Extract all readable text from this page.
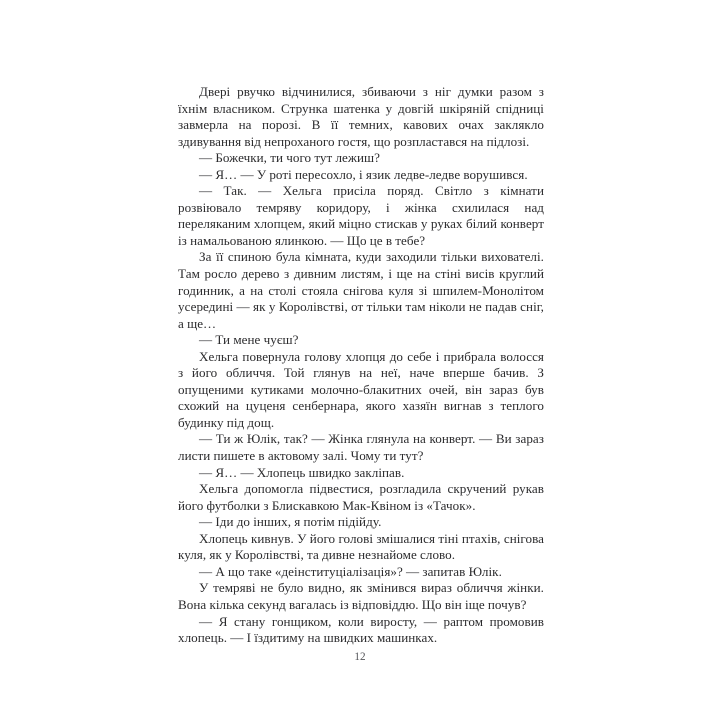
Двері рвучко відчинилися, збиваючи з ніг думки разом з їхнім власником. Струнка шатенка у довгій шкіряній спідниці завмерла на порозі. В її темних, кавових очах заклякло здивування від непроханого гостя, що розпластався на підлозі.

— Божечки, ти чого тут лежиш?

— Я… — У роті пересохло, і язик ледве-ледве ворушився.

— Так. — Хельга присіла поряд. Світло з кімнати розвіювало темряву коридору, і жінка схилилася над переляканим хлопцем, який міцно стискав у руках білий конверт із намальованою ялинкою. — Що це в тебе?

За її спиною була кімната, куди заходили тільки вихователі. Там росло дерево з дивним листям, і ще на стіні висів круглий годинник, а на столі стояла снігова куля зі шпилем-Монолітом усередині — як у Королівстві, от тільки там ніколи не падав сніг, а ще…

— Ти мене чуєш?

Хельга повернула голову хлопця до себе і прибрала волосся з його обличчя. Той глянув на неї, наче вперше бачив. З опущеними кутиками молочно-блакитних очей, він зараз був схожий на цуценя сенбернара, якого хазяїн вигнав з теплого будинку під дощ.

— Ти ж Юлік, так? — Жінка глянула на конверт. — Ви зараз листи пишете в актовому залі. Чому ти тут?

— Я… — Хлопець швидко закліпав.

Хельга допомогла підвестися, розгладила скручений рукав його футболки з Блискавкою Мак-Квіном із «Тачок».

— Іди до інших, я потім підійду.

Хлопець кивнув. У його голові змішалися тіні птахів, снігова куля, як у Королівстві, та дивне незнайоме слово.

— А що таке «деінституціалізація»? — запитав Юлік.

У темряві не було видно, як змінився вираз обличчя жінки. Вона кілька секунд вагалась із відповіддю. Що він іще почув?

— Я стану гонщиком, коли виросту, — раптом промовив хлопець. — І їздитиму на швидких машинках.

12
